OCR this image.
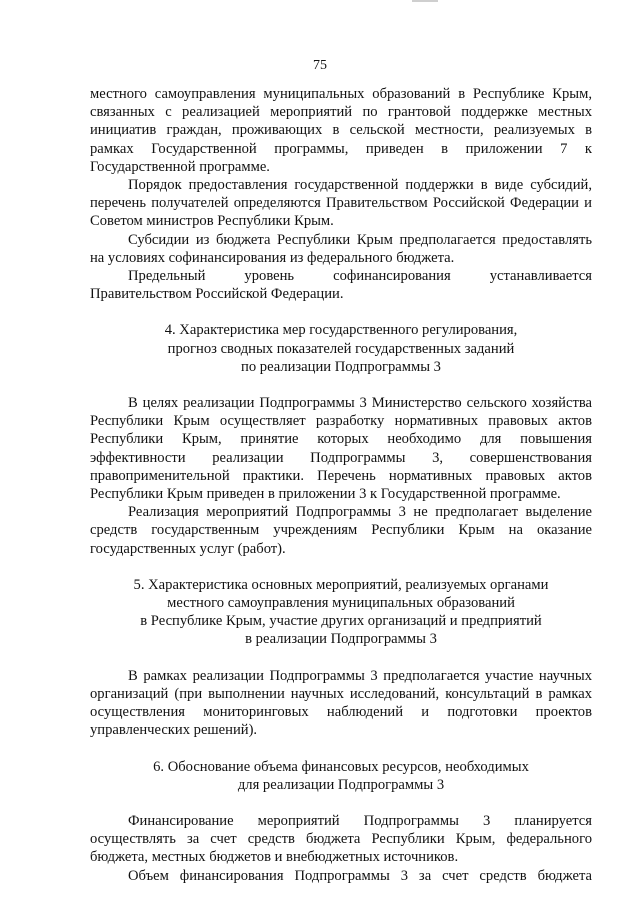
75

местного самоуправления муниципальных образований в Республике Крым, связанных с реализацией мероприятий по грантовой поддержке местных инициатив граждан, проживающих в сельской местности, реализуемых в рамках Государственной программы, приведен в приложении 7 к Государственной программе.

Порядок предоставления государственной поддержки в виде субсидий, перечень получателей определяются Правительством Российской Федерации и Советом министров Республики Крым.

Субсидии из бюджета Республики Крым предполагается предоставлять на условиях софинансирования из федерального бюджета.

Предельный уровень софинансирования устанавливается

Правительством Российской Федерации.

4. Характеристика мер государственного регулирования,

прогноз сводных показателей государственных заданий

по реализации Подпрограммы 3

В целях реализации Подпрограммы 3 Министерство сельского хозяйства Республики Крым осуществляет разработку нормативных правовых актов Республики Крым, принятие которых необходимо для повышения эффективности реализации Подпрограммы 3, совершенствования правоприменительной практики. Перечень нормативных правовых актов Республики Крым приведен в приложении 3 к Государственной программе.

Реализация мероприятий Подпрограммы 3 не предполагает выделение средств государственным учреждениям Республики Крым на оказание государственных услуг (работ).

5. Характеристика основных мероприятий, реализуемых органами

местного самоуправления муниципальных образований

в Республике Крым, участие других организаций и предприятий

в реализации Подпрограммы 3

В рамках реализации Подпрограммы 3 предполагается участие научных организаций (при выполнении научных исследований, консультаций в рамках осуществления мониторинговых наблюдений и подготовки проектов управленческих решений).

6. Обоснование объема финансовых ресурсов, необходимых

для реализации Подпрограммы 3

Финансирование мероприятий Подпрограммы 3 планируется осуществлять за счет средств бюджета Республики Крым, федерального бюджета, местных бюджетов и внебюджетных источников.

Объем финансирования Подпрограммы 3 за счет средств бюджета
